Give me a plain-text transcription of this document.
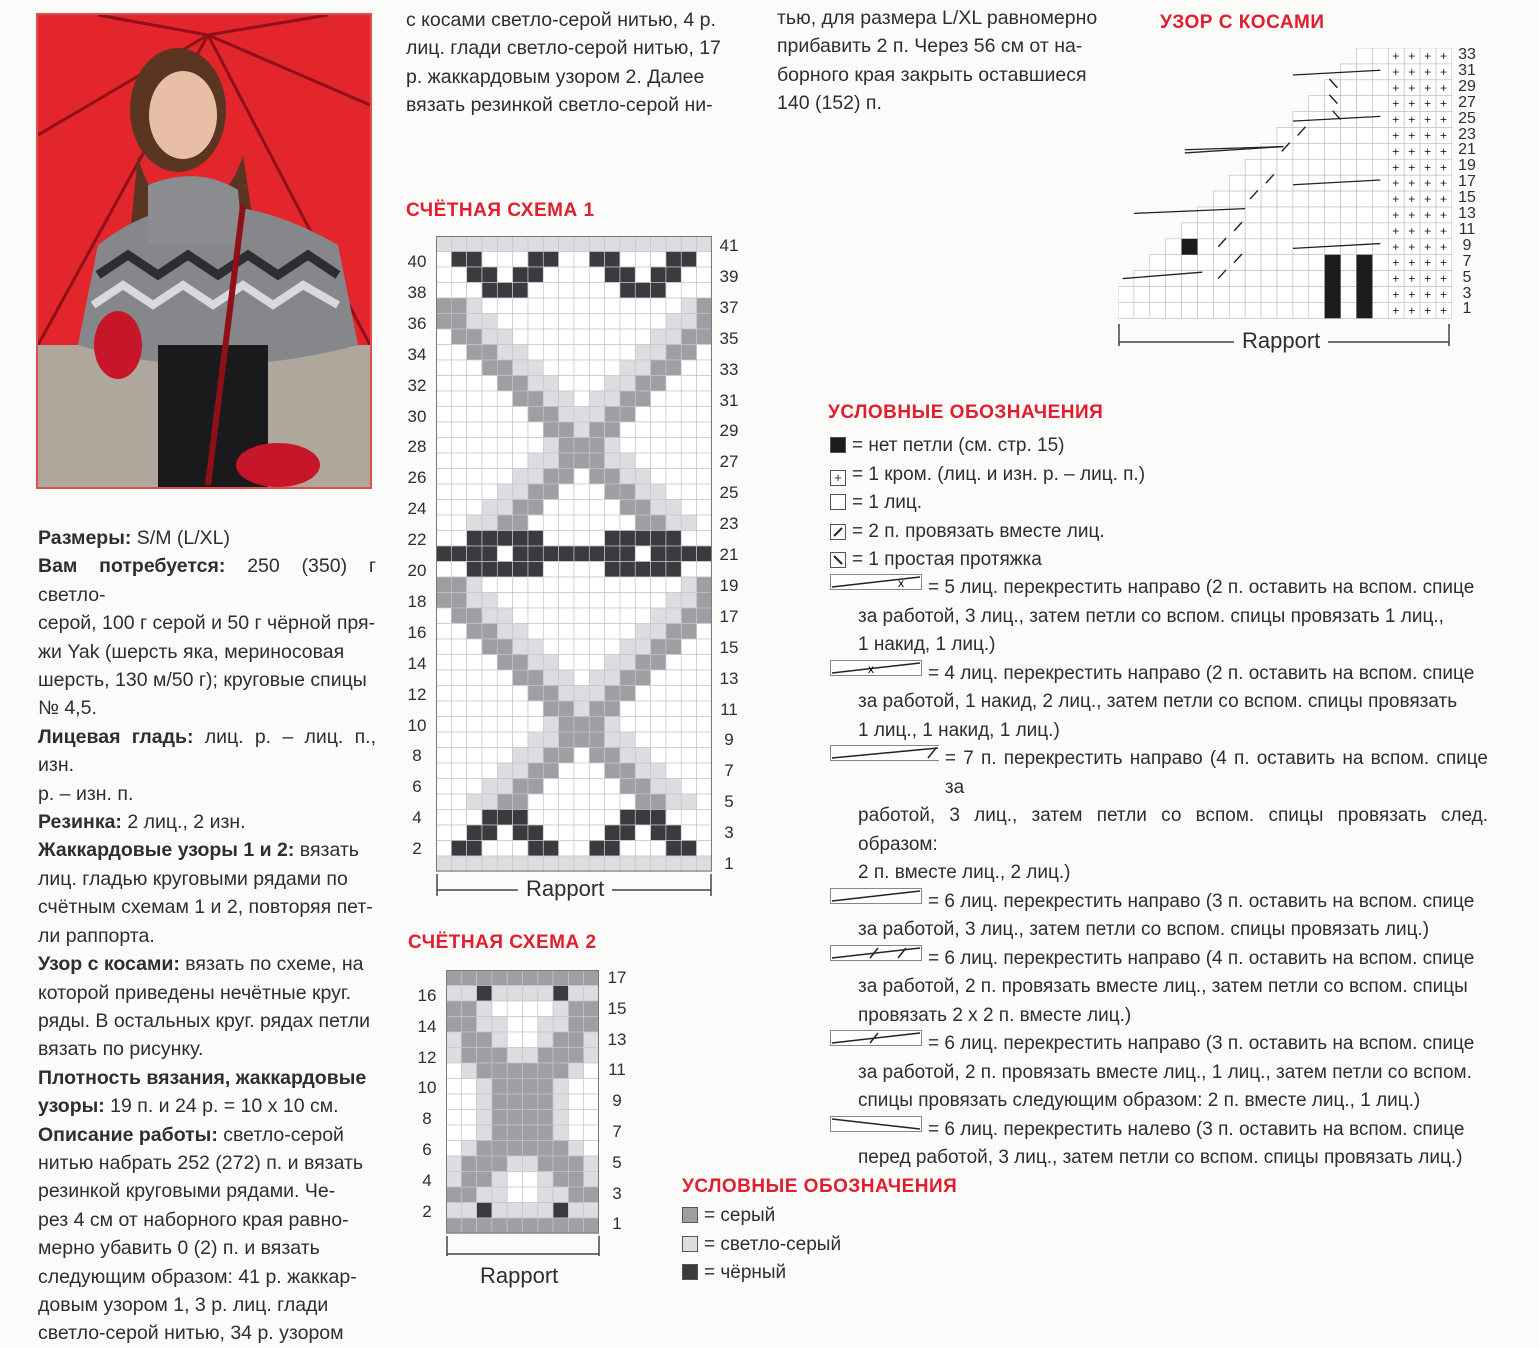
Размеры: S/M (L/XL)
Вам потребуется: 250 (350) г светло-
серой, 100 г серой и 50 г чёрной пря-
жи Yak (шерсть яка, мериносовая
шерсть, 130 м/50 г); круговые спицы
№ 4,5.
Лицевая гладь: лиц. р. – лиц. п., изн.
р. – изн. п.
Резинка: 2 лиц., 2 изн.
Жаккардовые узоры 1 и 2: вязать
лиц. гладью круговыми рядами по
счётным схемам 1 и 2, повторяя пет-
ли раппорта.
Узор с косами: вязать по схеме, на
которой приведены нечётные круг.
ряды. В остальных круг. рядах петли
вязать по рисунку.
Плотность вязания, жаккардовые
узоры: 19 п. и 24 р. = 10 х 10 см.
Описание работы: светло-серой
нитью набрать 252 (272) п. и вязать
резинкой круговыми рядами. Че-
рез 4 см от наборного края равно-
мерно убавить 0 (2) п. и вязать
следующим образом: 41 р. жаккар-
довым узором 1, 3 р. лиц. глади
светло-серой нитью, 34 р. узором
с косами светло-серой нитью, 4 р.
лиц. глади светло-серой нитью, 17
р. жаккардовым узором 2. Далее
вязать резинкой светло-серой ни-
тью, для размера L/XL равномерно
прибавить 2 п. Через 56 см от на-
борного края закрыть оставшиеся
140 (152) п.
СЧЁТНАЯ СХЕМА 1
40
38
36
34
32
30
28
26
24
22
20
18
16
14
12
10
8
6
4
2
41
39
37
35
33
31
29
27
25
23
21
19
17
15
13
11
9
7
5
3
1
Rapport
СЧЁТНАЯ СХЕМА 2
16
14
12
10
8
6
4
2
17
15
13
11
9
7
5
3
1
Rapport
УЗОР С КОСАМИ
+ + + +
+ + + +
+ + + +
+ + + +
+ + + +
+ + + +
+ + + +
+ + + +
+ + + +
+ + + +
+ + + +
+ + + +
+ + + +
+ + + +
+ + + +
+ + + +
+ + + +
33
31
29
27
25
23
21
19
17
15
13
11
9
7
5
3
1
Rapport
УСЛОВНЫЕ ОБОЗНАЧЕНИЯ
= нет петли (см. стр. 15)
+ = 1 кром. (лиц. и изн. р. – лиц. п.)
= 1 лиц.
= 2 п. провязать вместе лиц.
= 1 простая протяжка
x = 5 лиц. перекрестить направо (2 п. оставить на вспом. спице
за работой, 3 лиц., затем петли со вспом. спицы провязать 1 лиц.,
1 накид, 1 лиц.)
x	= 4 лиц. перекрестить направо (2 п. оставить на вспом. спице
за работой, 1 накид, 2 лиц., затем петли со вспом. спицы провязать
1 лиц., 1 накид, 1 лиц.)
= 7 п. перекрестить направо (4 п. оставить на вспом. спице за
работой, 3 лиц., затем петли со вспом. спицы провязать след. образом:
2 п. вместе лиц., 2 лиц.)
= 6 лиц. перекрестить направо (3 п. оставить на вспом. спице
за работой, 3 лиц., затем петли со вспом. спицы провязать лиц.)
= 6 лиц. перекрестить направо (4 п. оставить на вспом. спице
за работой, 2 п. провязать вместе лиц., затем петли со вспом. спицы
провязать 2 х 2 п. вместе лиц.)
= 6 лиц. перекрестить направо (3 п. оставить на вспом. спице
за работой, 2 п. провязать вместе лиц., 1 лиц., затем петли со вспом.
спицы провязать следующим образом: 2 п. вместе лиц., 1 лиц.)
= 6 лиц. перекрестить налево (3 п. оставить на вспом. спице
перед работой, 3 лиц., затем петли со вспом. спицы провязать лиц.)
УСЛОВНЫЕ ОБОЗНАЧЕНИЯ
= серый
= светло-серый
= чёрный
